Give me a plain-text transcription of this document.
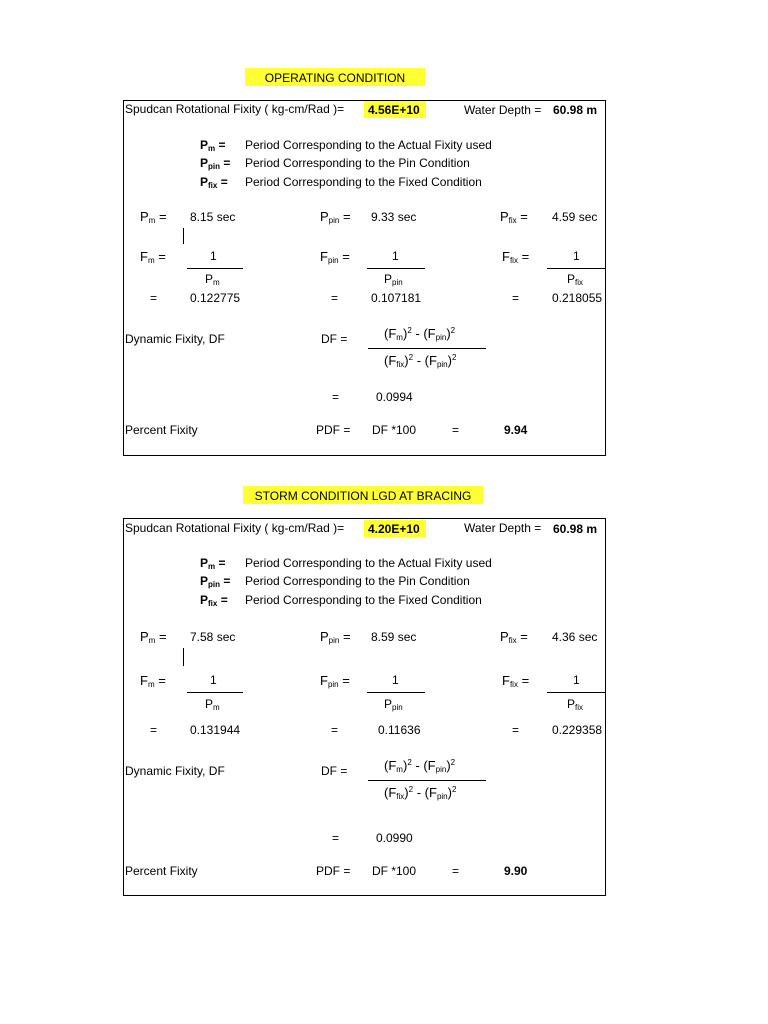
OPERATING CONDITION
Spudcan Rotational Fixity ( kg-cm/Rad )= 4.56E+10	Water Depth = 60.98 m
$P_m$ = Period Corresponding to the Actual Fixity used
$P_{pin}$ = Period Corresponding to the Pin Condition
$P_{fix}$ = Period Corresponding to the Fixed Condition
$P_m = 8.15$ sec	$P_{pin} = 9.33$ sec	$P_{fix} = 4.59$ sec
$F_m$ =	1
$P_m$
$F_{pin}$ =	1
$P_{pin}$
$F_{fix}$ =	1
$P_{fix}$
=	0.122775	=	0.107181	=	0.218055
Dynamic Fixity, DF	DF =	$(F_m)^2 - (F_{pin})^2$
$(F_{fix})^2 - (F_{pin})^2$
=	0.0994
Percent Fixity	PDF = DF *100	=	9.94
STORM CONDITION LGD AT BRACING
Spudcan Rotational Fixity ( kg-cm/Rad )= 4.20E+10	Water Depth = 60.98 m
$P_m$ = Period Corresponding to the Actual Fixity used
$P_{pin}$ = Period Corresponding to the Pin Condition
$P_{fix}$ = Period Corresponding to the Fixed Condition
$P_m = 7.58$ sec	$P_{pin} = 8.59$ sec	$P_{fix} = 4.36$ sec
$F_m$ =	1
$P_m$
$F_{pin}$ =	1
$P_{pin}$
$F_{fix}$ =	1
$P_{fix}$
=	0.131944	=	0.11636	=	0.229358
Dynamic Fixity, DF	DF =	$(F_m)^2 - (F_{pin})^2$
$(F_{fix})^2 - (F_{pin})^2$
=	0.0990
Percent Fixity	PDF = DF *100	=	9.90
